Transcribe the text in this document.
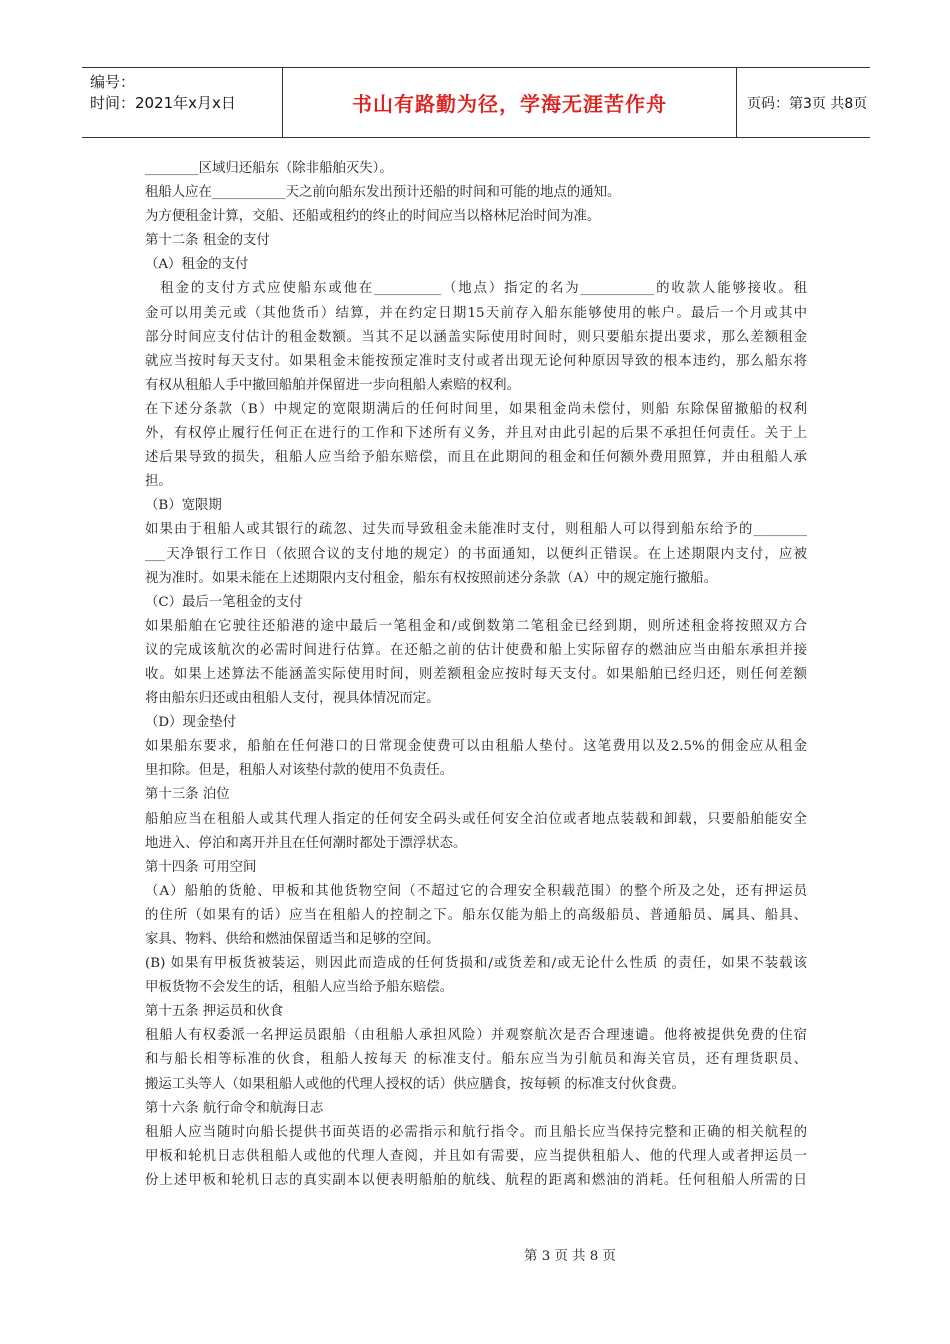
编号：
时间：2021年x月x日	书山有路勤为径，学海无涯苦作舟	页码：第3页 共8页
________区域归还船东（除非船舶灭失）。
租船人应在___________天之前向船东发出预计还船的时间和可能的地点的通知。
为方便租金计算，交船、还船或租约的终止的时间应当以格林尼治时间为准。
第十二条 租金的支付
（A）租金的支付
　租金的支付方式应使船东或他在__________（地点）指定的名为___________的收款人能够接收。租
金可以用美元或（其他货币）结算，并在约定日期15天前存入船东能够使用的帐户。最后一个月或其中
部分时间应支付估计的租金数额。当其不足以涵盖实际使用时间时，则只要船东提出要求，那么差额租金
就应当按时每天支付。如果租金未能按预定准时支付或者出现无论何种原因导致的根本违约，那么船东将
有权从租船人手中撤回船舶并保留进一步向租船人索赔的权利。
在下述分条款（B）中规定的宽限期满后的任何时间里，如果租金尚未偿付，则船 东除保留撤船的权利
外，有权停止履行任何正在进行的工作和下述所有义务，并且对由此引起的后果不承担任何责任。关于上
述后果导致的损失，租船人应当给予船东赔偿，而且在此期间的租金和任何额外费用照算，并由租船人承
担。
（B）宽限期
如果由于租船人或其银行的疏忽、过失而导致租金未能准时支付，则租船人可以得到船东给予的________
___天净银行工作日（依照合议的支付地的规定）的书面通知，以便纠正错误。在上述期限内支付，应被
视为准时。如果未能在上述期限内支付租金，船东有权按照前述分条款（A）中的规定施行撤船。
（C）最后一笔租金的支付
如果船舶在它驶往还船港的途中最后一笔租金和/或倒数第二笔租金已经到期，则所述租金将按照双方合
议的完成该航次的必需时间进行估算。在还船之前的估计使费和船上实际留存的燃油应当由船东承担并接
收。如果上述算法不能涵盖实际使用时间，则差额租金应按时每天支付。如果船舶已经归还，则任何差额
将由船东归还或由租船人支付，视具体情况而定。
（D）现金垫付
如果船东要求，船舶在任何港口的日常现金使费可以由租船人垫付。这笔费用以及2.5%的佣金应从租金
里扣除。但是，租船人对该垫付款的使用不负责任。
第十三条 泊位
船舶应当在租船人或其代理人指定的任何安全码头或任何安全泊位或者地点装载和卸载，只要船舶能安全
地进入、停泊和离开并且在任何潮时都处于漂浮状态。
第十四条 可用空间
（A）船舶的货舱、甲板和其他货物空间（不超过它的合理安全积载范围）的整个所及之处，还有押运员
的住所（如果有的话）应当在租船人的控制之下。船东仅能为船上的高级船员、普通船员、属具、船具、
家具、物料、供给和燃油保留适当和足够的空间。
(B) 如果有甲板货被装运，则因此而造成的任何货损和/或货差和/或无论什么性质 的责任，如果不装载该
甲板货物不会发生的话，租船人应当给予船东赔偿。
第十五条 押运员和伙食
租船人有权委派一名押运员跟船（由租船人承担风险）并观察航次是否合理速谴。他将被提供免费的住宿
和与船长相等标准的伙食，租船人按每天 的标准支付。船东应当为引航员和海关官员，还有理货职员、
搬运工头等人（如果租船人或他的代理人授权的话）供应膳食，按每顿 的标准支付伙食费。
第十六条 航行命令和航海日志
租船人应当随时向船长提供书面英语的必需指示和航行指令。而且船长应当保持完整和正确的相关航程的
甲板和轮机日志供租船人或他的代理人查阅，并且如有需要，应当提供租船人、他的代理人或者押运员一
份上述甲板和轮机日志的真实副本以便表明船舶的航线、航程的距离和燃油的消耗。任何租船人所需的日
第 3 页 共 8 页
